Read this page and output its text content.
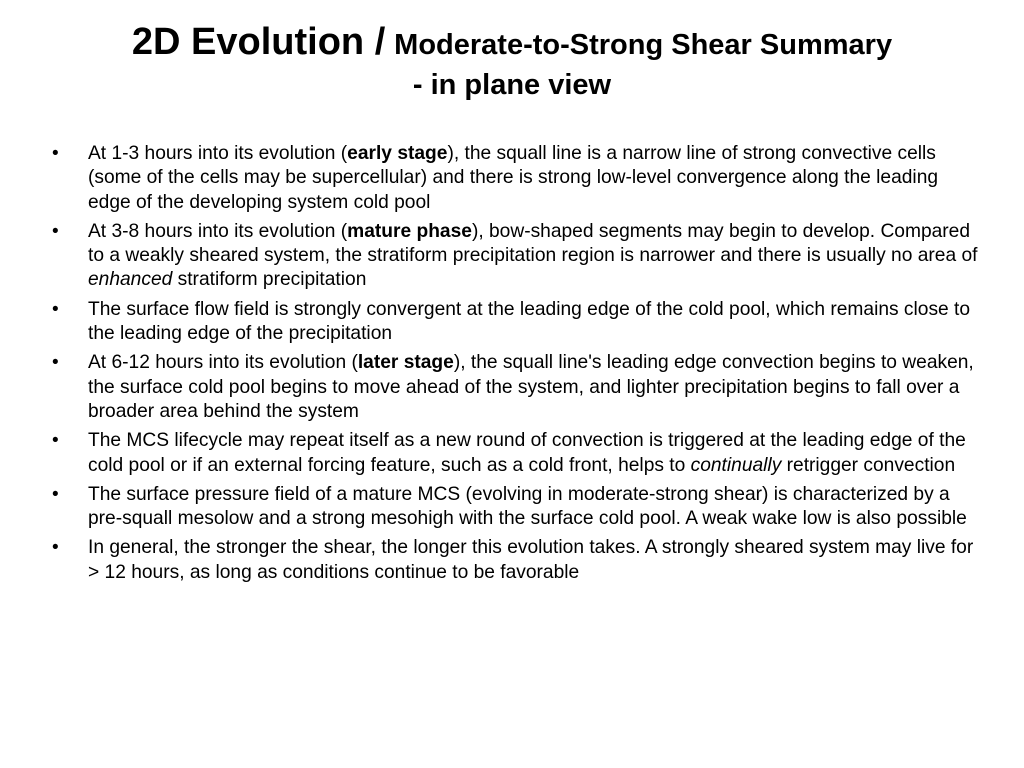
2D Evolution / Moderate-to-Strong Shear Summary
- in plane view
• At 1-3 hours into its evolution (early stage), the squall line is a narrow line of strong convective cells (some of the cells may be supercellular) and there is strong low-level convergence along the leading edge of the developing system cold pool
• At 3-8 hours into its evolution (mature phase), bow-shaped segments may begin to develop. Compared to a weakly sheared system, the stratiform precipitation region is narrower and there is usually no area of enhanced stratiform precipitation
• The surface flow field is strongly convergent at the leading edge of the cold pool, which remains close to the leading edge of the precipitation
• At 6-12 hours into its evolution (later stage), the squall line's leading edge convection begins to weaken, the surface cold pool begins to move ahead of the system, and lighter precipitation begins to fall over a broader area behind the system
• The MCS lifecycle may repeat itself as a new round of convection is triggered at the leading edge of the cold pool or if an external forcing feature, such as a cold front, helps to continually retrigger convection
• The surface pressure field of a mature MCS (evolving in moderate-strong shear) is characterized by a pre-squall mesolow and a strong mesohigh with the surface cold pool. A weak wake low is also possible
• In general, the stronger the shear, the longer this evolution takes. A strongly sheared system may live for > 12 hours, as long as conditions continue to be favorable
